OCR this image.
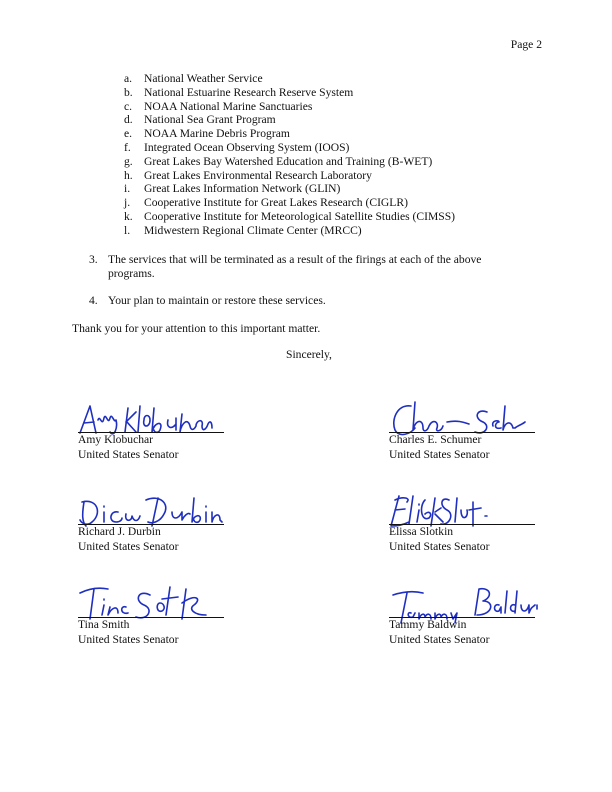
Page 2
a. National Weather Service
b. National Estuarine Research Reserve System
c. NOAA National Marine Sanctuaries
d. National Sea Grant Program
e. NOAA Marine Debris Program
f. Integrated Ocean Observing System (IOOS)
g. Great Lakes Bay Watershed Education and Training (B-WET)
h. Great Lakes Environmental Research Laboratory
i. Great Lakes Information Network (GLIN)
j. Cooperative Institute for Great Lakes Research (CIGLR)
k. Cooperative Institute for Meteorological Satellite Studies (CIMSS)
l. Midwestern Regional Climate Center (MRCC)
3. The services that will be terminated as a result of the firings at each of the above programs.
4. Your plan to maintain or restore these services.
Thank you for your attention to this important matter.
Sincerely,
Amy Klobuchar
United States Senator
Charles E. Schumer
United States Senator
Richard J. Durbin
United States Senator
Elissa Slotkin
United States Senator
Tina Smith
United States Senator
Tammy Baldwin
United States Senator
